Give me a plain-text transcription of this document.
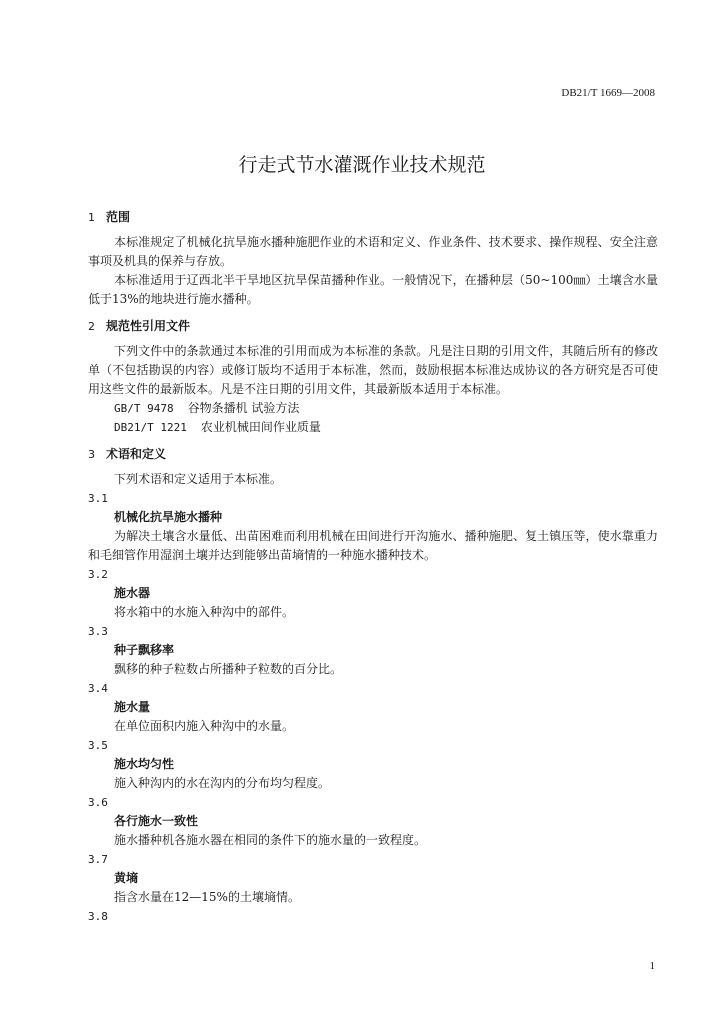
DB21/T 1669—2008
行走式节水灌溉作业技术规范
1 范围

本标准规定了机械化抗旱施水播种施肥作业的术语和定义、作业条件、技术要求、操作规程、安全注意事项及机具的保养与存放。

本标准适用于辽西北半干旱地区抗旱保苗播种作业。一般情况下，在播种层（50~100㎜）土壤含水量低于13%的地块进行施水播种。

2 规范性引用文件

下列文件中的条款通过本标准的引用而成为本标准的条款。凡是注日期的引用文件，其随后所有的修改单（不包括勘误的内容）或修订版均不适用于本标准，然而，鼓励根据本标准达成协议的各方研究是否可使用这些文件的最新版本。凡是不注日期的引用文件，其最新版本适用于本标准。

GB/T 9478 谷物条播机 试验方法
DB21/T 1221 农业机械田间作业质量
3 术语和定义

下列术语和定义适用于本标准。

3.1
机械化抗旱施水播种

为解决土壤含水量低、出苗困难而利用机械在田间进行开沟施水、播种施肥、复土镇压等，使水靠重力和毛细管作用湿润土壤并达到能够出苗墒情的一种施水播种技术。

3.2
施水器

将水箱中的水施入种沟中的部件。

3.3
种子飘移率

飘移的种子粒数占所播种子粒数的百分比。

3.4
施水量

在单位面积内施入种沟中的水量。

3.5
施水均匀性

施入种沟内的水在沟内的分布均匀程度。

3.6
各行施水一致性

施水播种机各施水器在相同的条件下的施水量的一致程度。

3.7
黄墒

指含水量在12—15%的土壤墒情。

3.8
1
